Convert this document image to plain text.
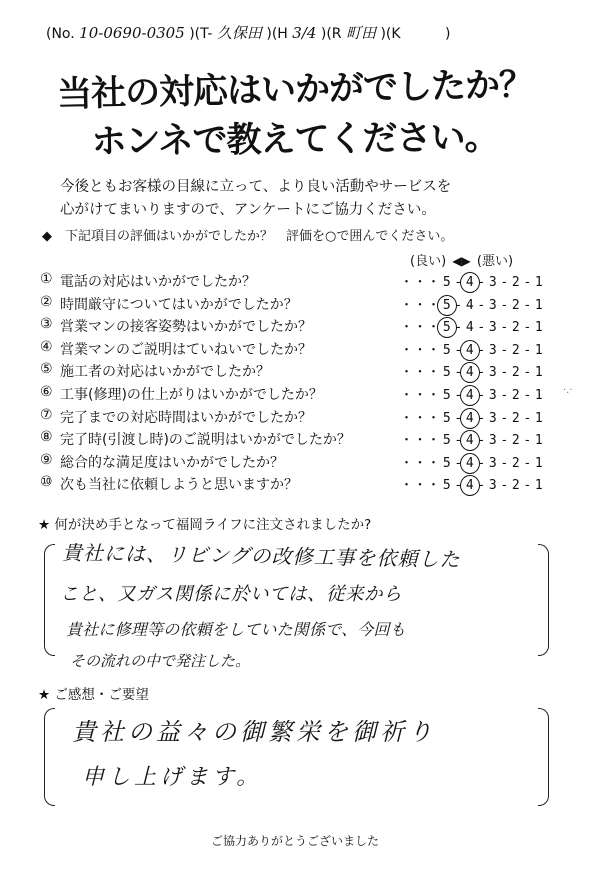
(No. 10-0690-0305 )(T- 久保田 )(H 3/4 )(R 町田 )(K	)
当社の対応はいかがでしたか？
ホンネで教えてください。
今後ともお客様の目線に立って、より良い活動やサービスを
心がけてまいりますので、アンケートにご協力ください。
◆　下記項目の評価はいかがでしたか？　評価を○で囲んでください。
(良い) ◀▶ (悪い)
① 電話の対応はいかがでしたか？	・・・ 5 - 4 - 3 - 2 - 1
② 時間厳守についてはいかがでしたか？	・・・ 5 - 4 - 3 - 2 - 1
③ 営業マンの接客姿勢はいかがでしたか？	・・・ 5 - 4 - 3 - 2 - 1
④ 営業マンのご説明はていねいでしたか？	・・・ 5 - 4 - 3 - 2 - 1
⑤ 施工者の対応はいかがでしたか？	・・・ 5 - 4 - 3 - 2 - 1
⑥ 工事(修理)の仕上がりはいかがでしたか？	・・・ 5 - 4 - 3 - 2 - 1
⑦ 完了までの対応時間はいかがでしたか？	・・・ 5 - 4 - 3 - 2 - 1
⑧ 完了時(引渡し時)のご説明はいかがでしたか？	・・・ 5 - 4 - 3 - 2 - 1
⑨ 総合的な満足度はいかがでしたか？	・・・ 5 - 4 - 3 - 2 - 1
⑩ 次も当社に依頼しようと思いますか？	・・・ 5 - 4 - 3 - 2 - 1
★ 何が決め手となって福岡ライフに注文されましたか?
貴社には、リビングの改修工事を依頼した
こと、又ガス関係に於いては、従来から
貴社に修理等の依頼をしていた関係で、今回も
その流れの中で発注した。
★ ご感想・ご要望
貴社の益々の御繁栄を御祈り
申し上げます。
ご協力ありがとうございました
·.·
